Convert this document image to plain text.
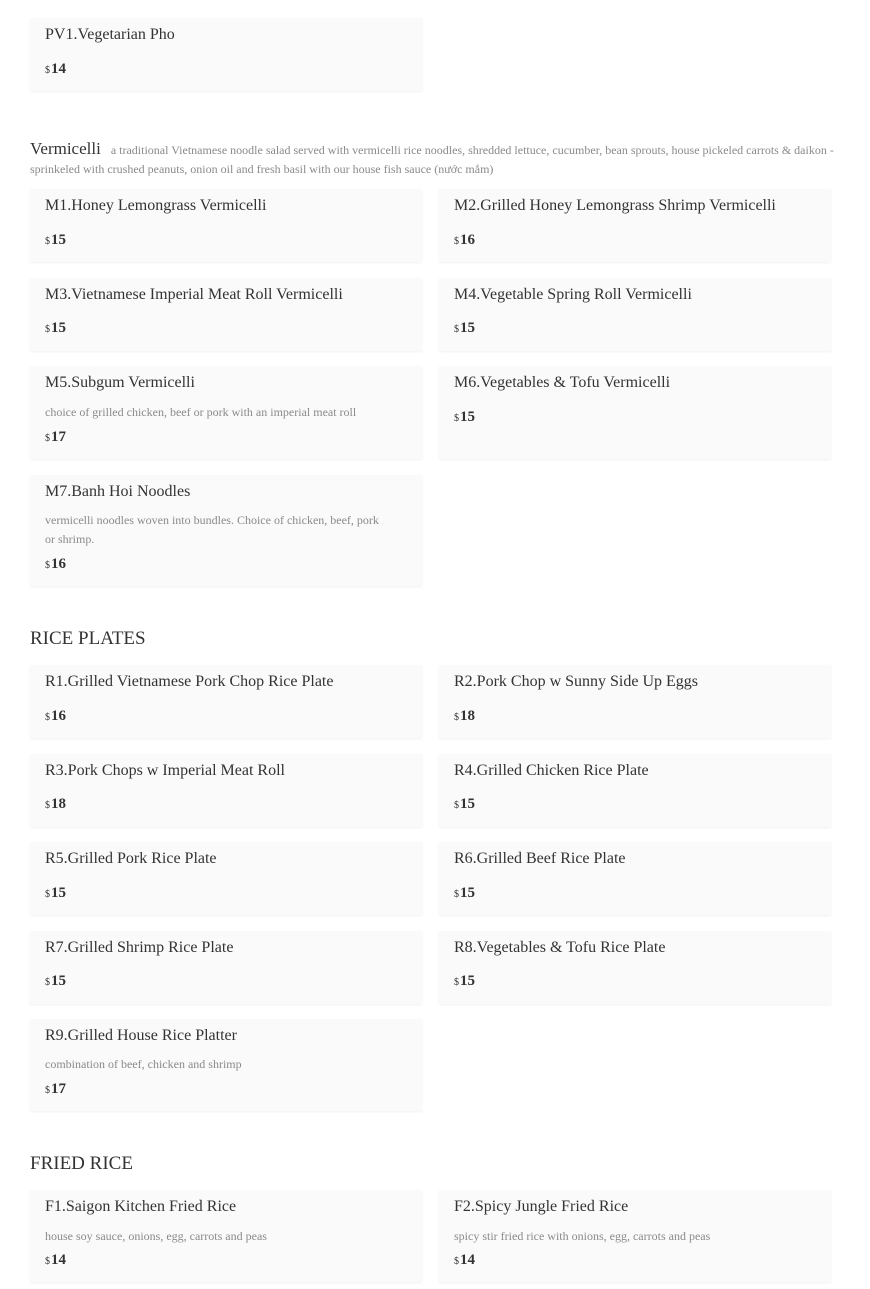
PV1.Vegetarian Pho
$14
Vermicelli a traditional Vietnamese noodle salad served with vermicelli rice noodles, shredded lettuce, cucumber, bean sprouts, house pickeled carrots & daikon - sprinkeled with crushed peanuts, onion oil and fresh basil with our house fish sauce (nước mắm)
M1.Honey Lemongrass Vermicelli
$15
M2.Grilled Honey Lemongrass Shrimp Vermicelli
$16
M3.Vietnamese Imperial Meat Roll Vermicelli
$15
M4.Vegetable Spring Roll Vermicelli
$15
M5.Subgum Vermicelli
choice of grilled chicken, beef or pork with an imperial meat roll
$17
M6.Vegetables & Tofu Vermicelli
$15
M7.Banh Hoi Noodles
vermicelli noodles woven into bundles. Choice of chicken, beef, pork or shrimp.
$16
RICE PLATES
R1.Grilled Vietnamese Pork Chop Rice Plate
$16
R2.Pork Chop w Sunny Side Up Eggs
$18
R3.Pork Chops w Imperial Meat Roll
$18
R4.Grilled Chicken Rice Plate
$15
R5.Grilled Pork Rice Plate
$15
R6.Grilled Beef Rice Plate
$15
R7.Grilled Shrimp Rice Plate
$15
R8.Vegetables & Tofu Rice Plate
$15
R9.Grilled House Rice Platter
combination of beef, chicken and shrimp
$17
FRIED RICE
F1.Saigon Kitchen Fried Rice
house soy sauce, onions, egg, carrots and peas
$14
F2.Spicy Jungle Fried Rice
spicy stir fried rice with onions, egg, carrots and peas
$14
